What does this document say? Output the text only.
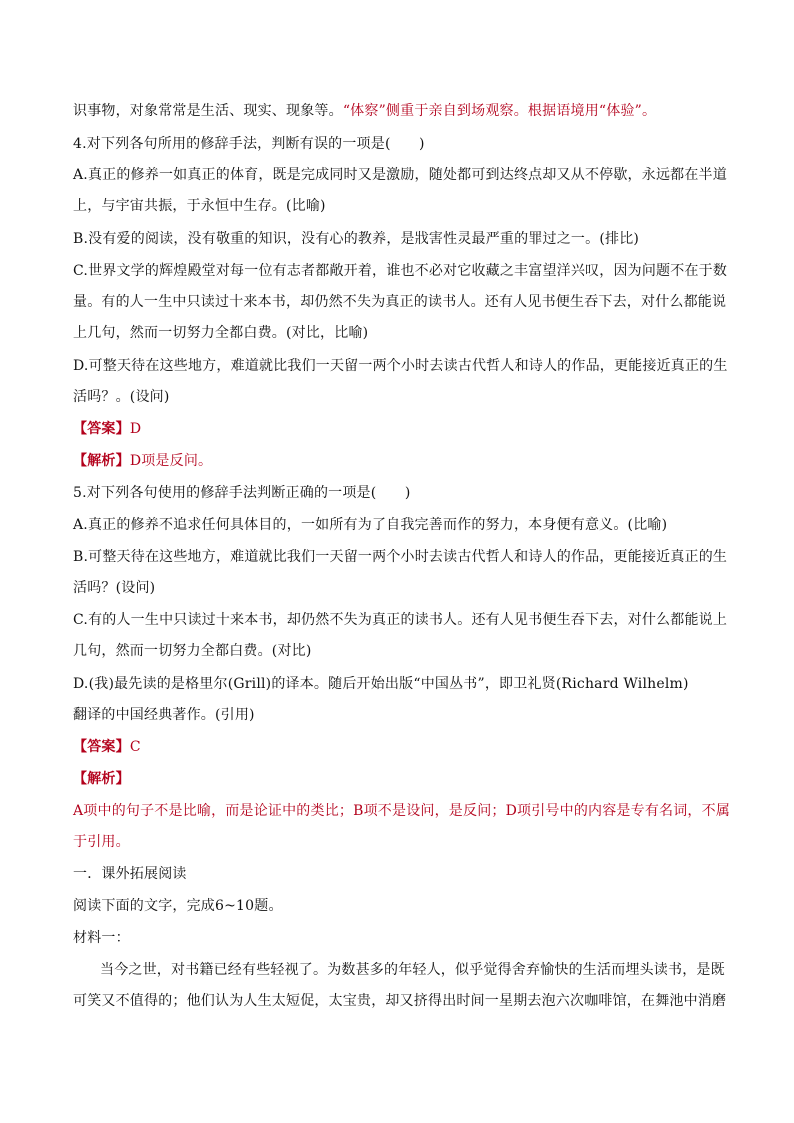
识事物，对象常常是生活、现实、现象等。“体察”侧重于亲自到场观察。根据语境用“体验”。
4.对下列各句所用的修辞手法，判断有误的一项是(　　)
A.真正的修养一如真正的体育，既是完成同时又是激励，随处都可到达终点却又从不停歇，永远都在半道
上，与宇宙共振，于永恒中生存。(比喻)
B.没有爱的阅读，没有敬重的知识，没有心的教养，是戕害性灵最严重的罪过之一。(排比)
C.世界文学的辉煌殿堂对每一位有志者都敞开着，谁也不必对它收藏之丰富望洋兴叹，因为问题不在于数
量。有的人一生中只读过十来本书，却仍然不失为真正的读书人。还有人见书便生吞下去，对什么都能说
上几句，然而一切努力全都白费。(对比，比喻)
D.可整天待在这些地方，难道就比我们一天留一两个小时去读古代哲人和诗人的作品，更能接近真正的生
活吗？。(设问)
【答案】D
【解析】D项是反问。
5.对下列各句使用的修辞手法判断正确的一项是(　　)
A.真正的修养不追求任何具体目的，一如所有为了自我完善而作的努力，本身便有意义。(比喻)
B.可整天待在这些地方，难道就比我们一天留一两个小时去读古代哲人和诗人的作品，更能接近真正的生
活吗？(设问)
C.有的人一生中只读过十来本书，却仍然不失为真正的读书人。还有人见书便生吞下去，对什么都能说上
几句，然而一切努力全都白费。(对比)
D.(我)最先读的是格里尔(Grill)的译本。随后开始出版“中国丛书”，即卫礼贤(Richard Wilhelm)
翻译的中国经典著作。(引用)
【答案】C
【解析】
A项中的句子不是比喻，而是论证中的类比；B项不是设问，是反问；D项引号中的内容是专有名词，不属
于引用。
一．课外拓展阅读
阅读下面的文字，完成6~10题。
材料一：
当今之世，对书籍已经有些轻视了。为数甚多的年轻人，似乎觉得舍弃愉快的生活而埋头读书，是既
可笑又不值得的；他们认为人生太短促，太宝贵，却又挤得出时间一星期去泡六次咖啡馆，在舞池中消磨
